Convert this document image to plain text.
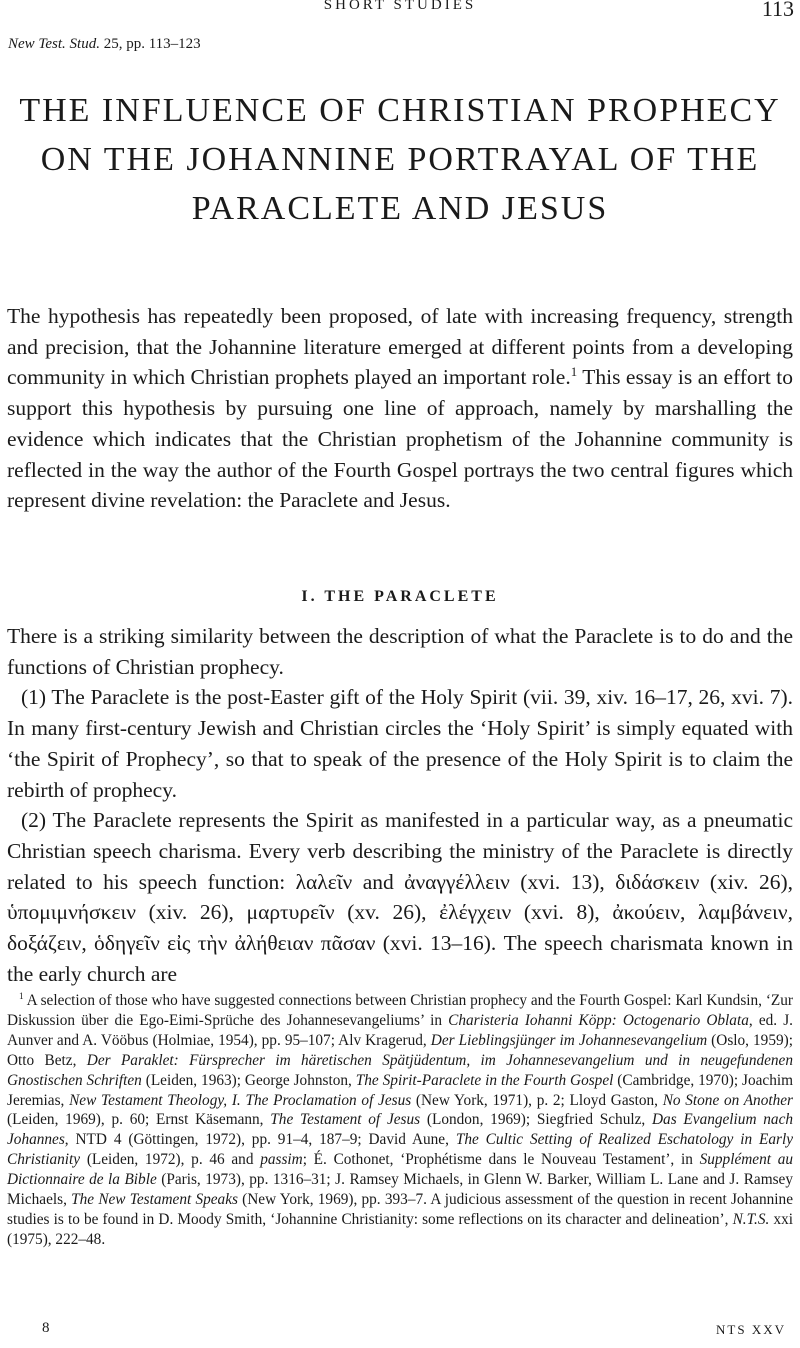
SHORT STUDIES	113
New Test. Stud. 25, pp. 113–123
THE INFLUENCE OF CHRISTIAN PROPHECY ON THE JOHANNINE PORTRAYAL OF THE PARACLETE AND JESUS

The hypothesis has repeatedly been proposed, of late with increasing frequency, strength and precision, that the Johannine literature emerged at different points from a developing community in which Christian prophets played an important role.$^1$ This essay is an effort to support this hypothesis by pursuing one line of approach, namely by marshalling the evidence which indicates that the Christian prophetism of the Johannine community is reflected in the way the author of the Fourth Gospel portrays the two central figures which represent divine revelation: the Paraclete and Jesus.

I. THE PARACLETE

There is a striking similarity between the description of what the Paraclete is to do and the functions of Christian prophecy.

(1) The Paraclete is the post-Easter gift of the Holy Spirit (vii. 39, xiv. 16–17, 26, xvi. 7). In many first-century Jewish and Christian circles the ‘Holy Spirit’ is simply equated with ‘the Spirit of Prophecy’, so that to speak of the presence of the Holy Spirit is to claim the rebirth of prophecy.

(2) The Paraclete represents the Spirit as manifested in a particular way, as a pneumatic Christian speech charisma. Every verb describing the ministry of the Paraclete is directly related to his speech function: λαλεῖν and ἀναγγέλλειν (xvi. 13), διδάσκειν (xiv. 26), ὑπομιμνήσκειν (xiv. 26), μαρτυρεῖν (xv. 26), ἐλέγχειν (xvi. 8), ἀκούειν, λαμβάνειν, δοξάζειν, ὁδηγεῖν εἰς τὴν ἀλήθειαν πᾶσαν (xvi. 13–16). The speech charismata known in the early church are

$^1$ A selection of those who have suggested connections between Christian prophecy and the Fourth Gospel: Karl Kundsin, ‘Zur Diskussion über die Ego-Eimi-Sprüche des Johannesevangeliums’ in Charisteria Iohanni Köpp: Octogenario Oblata, ed. J. Aunver and A. Vööbus (Holmiae, 1954), pp. 95–107; Alv Kragerud, Der Lieblingsjünger im Johannesevangelium (Oslo, 1959); Otto Betz, Der Paraklet: Fürsprecher im häretischen Spätjüdentum, im Johannesevangelium und in neugefundenen Gnostischen Schriften (Leiden, 1963); George Johnston, The Spirit-Paraclete in the Fourth Gospel (Cambridge, 1970); Joachim Jeremias, New Testament Theology, I. The Proclamation of Jesus (New York, 1971), p. 2; Lloyd Gaston, No Stone on Another (Leiden, 1969), p. 60; Ernst Käsemann, The Testament of Jesus (London, 1969); Siegfried Schulz, Das Evangelium nach Johannes, NTD 4 (Göttingen, 1972), pp. 91–4, 187–9; David Aune, The Cultic Setting of Realized Eschatology in Early Christianity (Leiden, 1972), p. 46 and passim; É. Cothonet, ‘Prophétisme dans le Nouveau Testament’, in Supplément au Dictionnaire de la Bible (Paris, 1973), pp. 1316–31; J. Ramsey Michaels, in Glenn W. Barker, William L. Lane and J. Ramsey Michaels, The New Testament Speaks (New York, 1969), pp. 393–7. A judicious assessment of the question in recent Johannine studies is to be found in D. Moody Smith, ‘Johannine Christianity: some reflections on its character and delineation’, N.T.S. xxi (1975), 222–48.

8	NTS XXV
